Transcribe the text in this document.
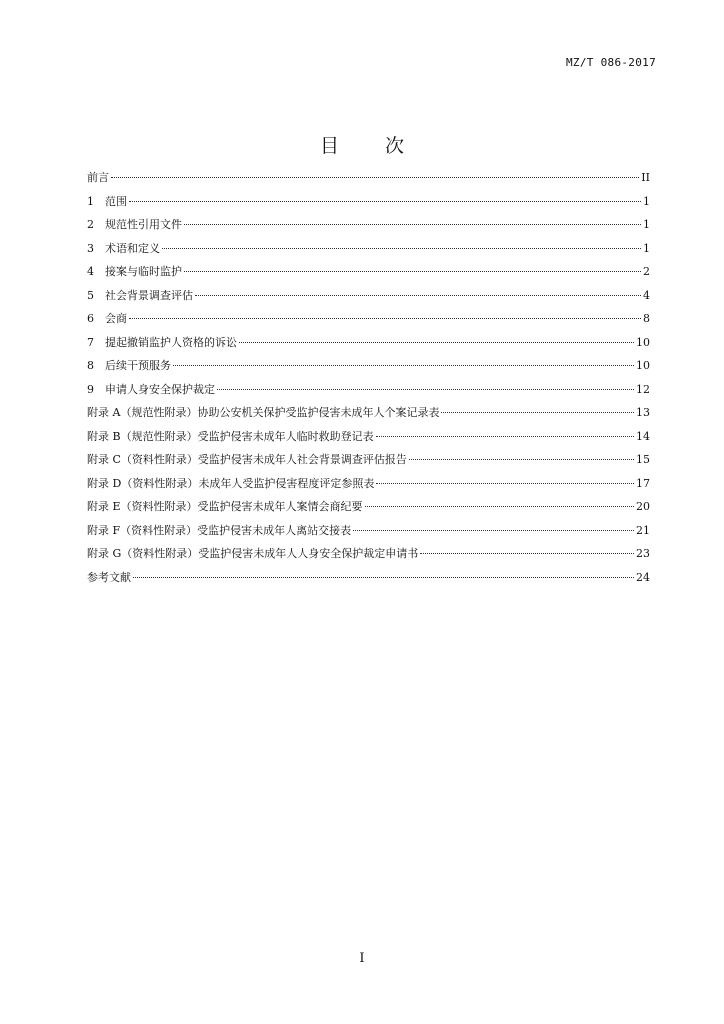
MZ/T 086-2017
目 次
前言	II
1	范围	1
2	规范性引用文件	1
3	术语和定义	1
4	接案与临时监护	2
5	社会背景调查评估	4
6	会商	8
7	提起撤销监护人资格的诉讼	10
8	后续干预服务	10
9	申请人身安全保护裁定	12
附录 A（规范性附录）协助公安机关保护受监护侵害未成年人个案记录表	13
附录 B（规范性附录）受监护侵害未成年人临时救助登记表	14
附录 C（资料性附录）受监护侵害未成年人社会背景调查评估报告	15
附录 D（资料性附录）未成年人受监护侵害程度评定参照表	17
附录 E（资料性附录）受监护侵害未成年人案情会商纪要	20
附录 F（资料性附录）受监护侵害未成年人离站交接表	21
附录 G（资料性附录）受监护侵害未成年人人身安全保护裁定申请书	23
参考文献	24
I
